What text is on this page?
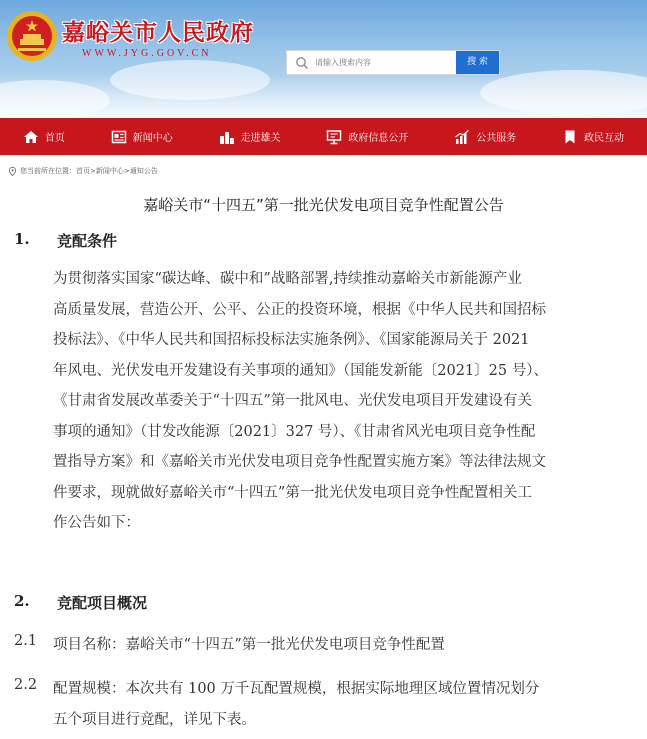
嘉峪关市人民政府
WWW.JYG.GOV.CN
请输入搜索内容
搜 索
首页	新闻中心	走进雄关	政府信息公开	公共服务	政民互动
您当前所在位置：首页>新闻中心>通知公告
嘉峪关市“十四五”第一批光伏发电项目竞争性配置公告
1. 竞配条件
为贯彻落实国家“碳达峰、碳中和”战略部署,持续推动嘉峪关市新能源产业
高质量发展，营造公开、公平、公正的投资环境，根据《中华人民共和国招标
投标法》、《中华人民共和国招标投标法实施条例》、《国家能源局关于 2021
年风电、光伏发电开发建设有关事项的通知》（国能发新能〔2021〕25 号）、
《甘肃省发展改革委关于“十四五”第一批风电、光伏发电项目开发建设有关
事项的通知》（甘发改能源〔2021〕327 号）、《甘肃省风光电项目竞争性配
置指导方案》和《嘉峪关市光伏发电项目竞争性配置实施方案》等法律法规文
件要求，现就做好嘉峪关市“十四五”第一批光伏发电项目竞争性配置相关工
作公告如下：
2. 竞配项目概况
2.1 项目名称：嘉峪关市“十四五”第一批光伏发电项目竞争性配置
2.2 配置规模：本次共有 100 万千瓦配置规模，根据实际地理区域位置情况划分
五个项目进行竞配，详见下表。
